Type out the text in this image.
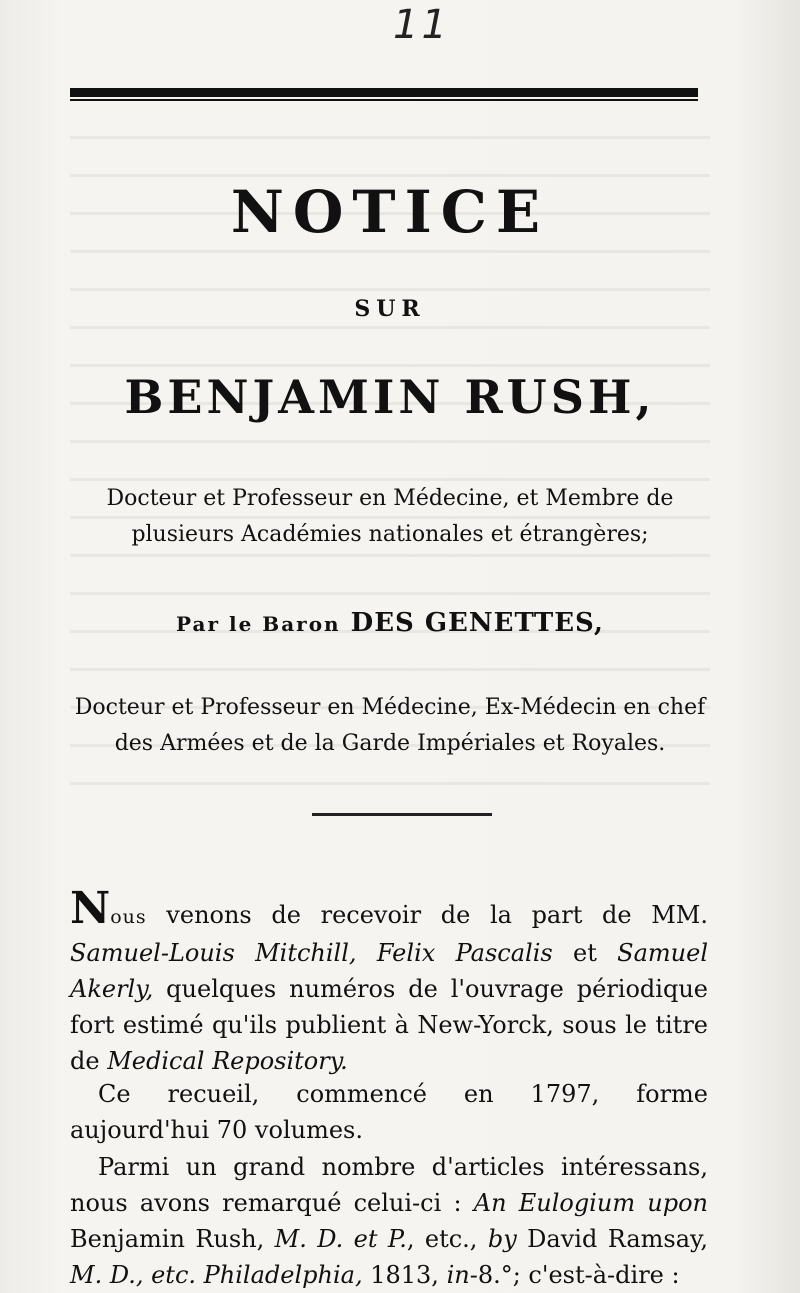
11
NOTICE
SUR
BENJAMIN RUSH,
Docteur et Professeur en Médecine, et Membre de
plusieurs Académies nationales et étrangères;
Par le Baron DES GENETTES,
Docteur et Professeur en Médecine, Ex-Médecin en chef
des Armées et de la Garde Impériales et Royales.

Nous venons de recevoir de la part de MM. Samuel-Louis Mitchill, Felix Pascalis et Samuel Akerly, quelques numéros de l'ouvrage périodique fort estimé qu'ils publient à New-Yorck, sous le titre de Medical Repository.

Ce recueil, commencé en 1797, forme aujourd'hui 70 volumes.

Parmi un grand nombre d'articles intéressans, nous avons remarqué celui-ci : An Eulogium upon Benjamin Rush, M. D. et P., etc., by David Ramsay, M. D., etc. Philadelphia, 1813, in-8.°; c'est-à-dire :
